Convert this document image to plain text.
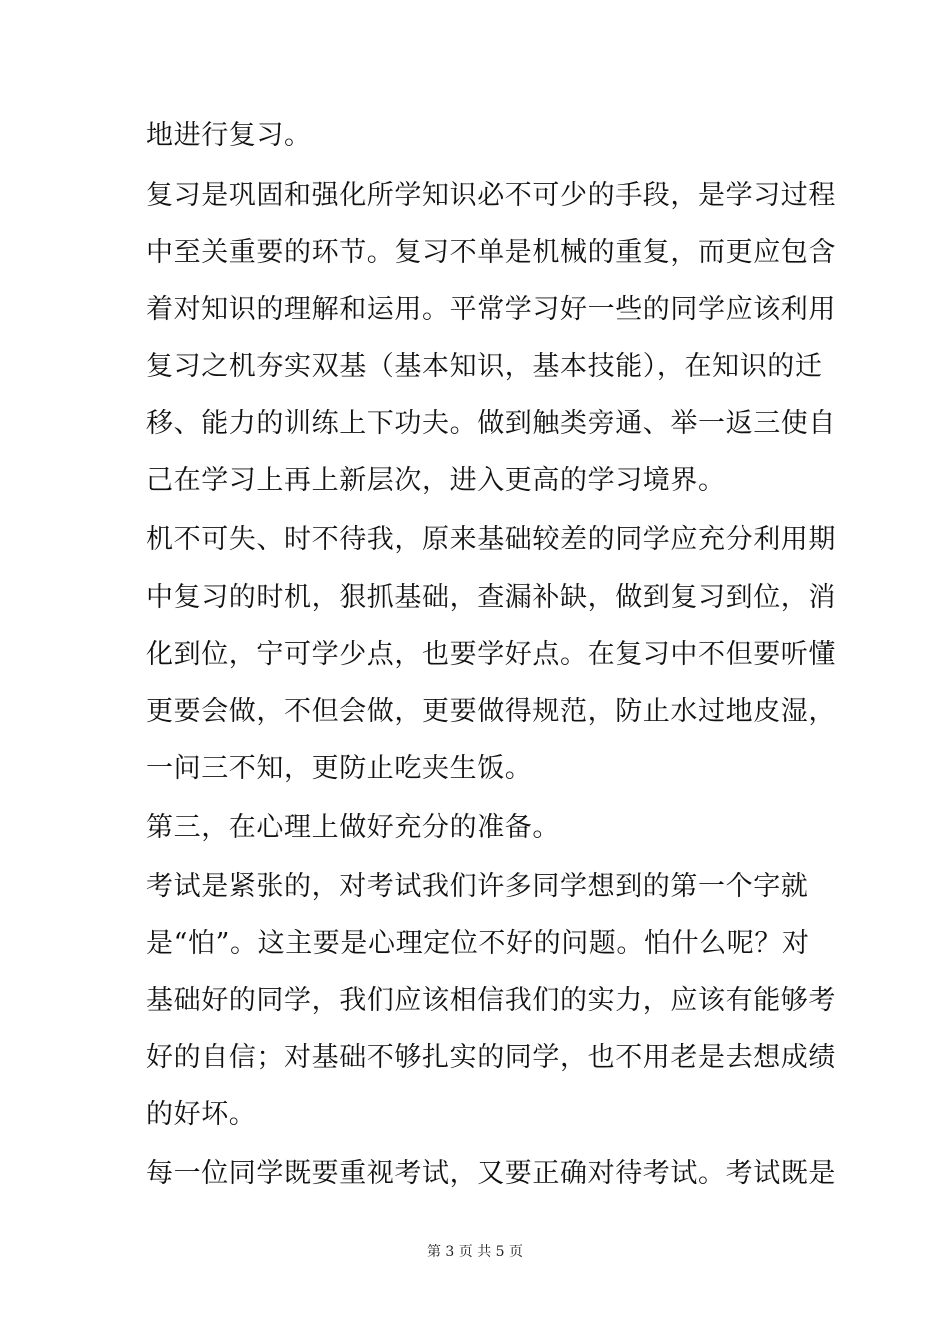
地进行复习。
复习是巩固和强化所学知识必不可少的手段，是学习过程
中至关重要的环节。复习不单是机械的重复，而更应包含
着对知识的理解和运用。平常学习好一些的同学应该利用
复习之机夯实双基（基本知识，基本技能），在知识的迁
移、能力的训练上下功夫。做到触类旁通、举一返三使自
己在学习上再上新层次，进入更高的学习境界。
机不可失、时不待我，原来基础较差的同学应充分利用期
中复习的时机，狠抓基础，查漏补缺，做到复习到位，消
化到位，宁可学少点，也要学好点。在复习中不但要听懂
更要会做，不但会做，更要做得规范，防止水过地皮湿，
一问三不知，更防止吃夹生饭。
第三，在心理上做好充分的准备。
考试是紧张的，对考试我们许多同学想到的第一个字就
是“怕”。这主要是心理定位不好的问题。怕什么呢？对
基础好的同学，我们应该相信我们的实力，应该有能够考
好的自信；对基础不够扎实的同学，也不用老是去想成绩
的好坏。
每一位同学既要重视考试，又要正确对待考试。考试既是
第 3 页 共 5 页
